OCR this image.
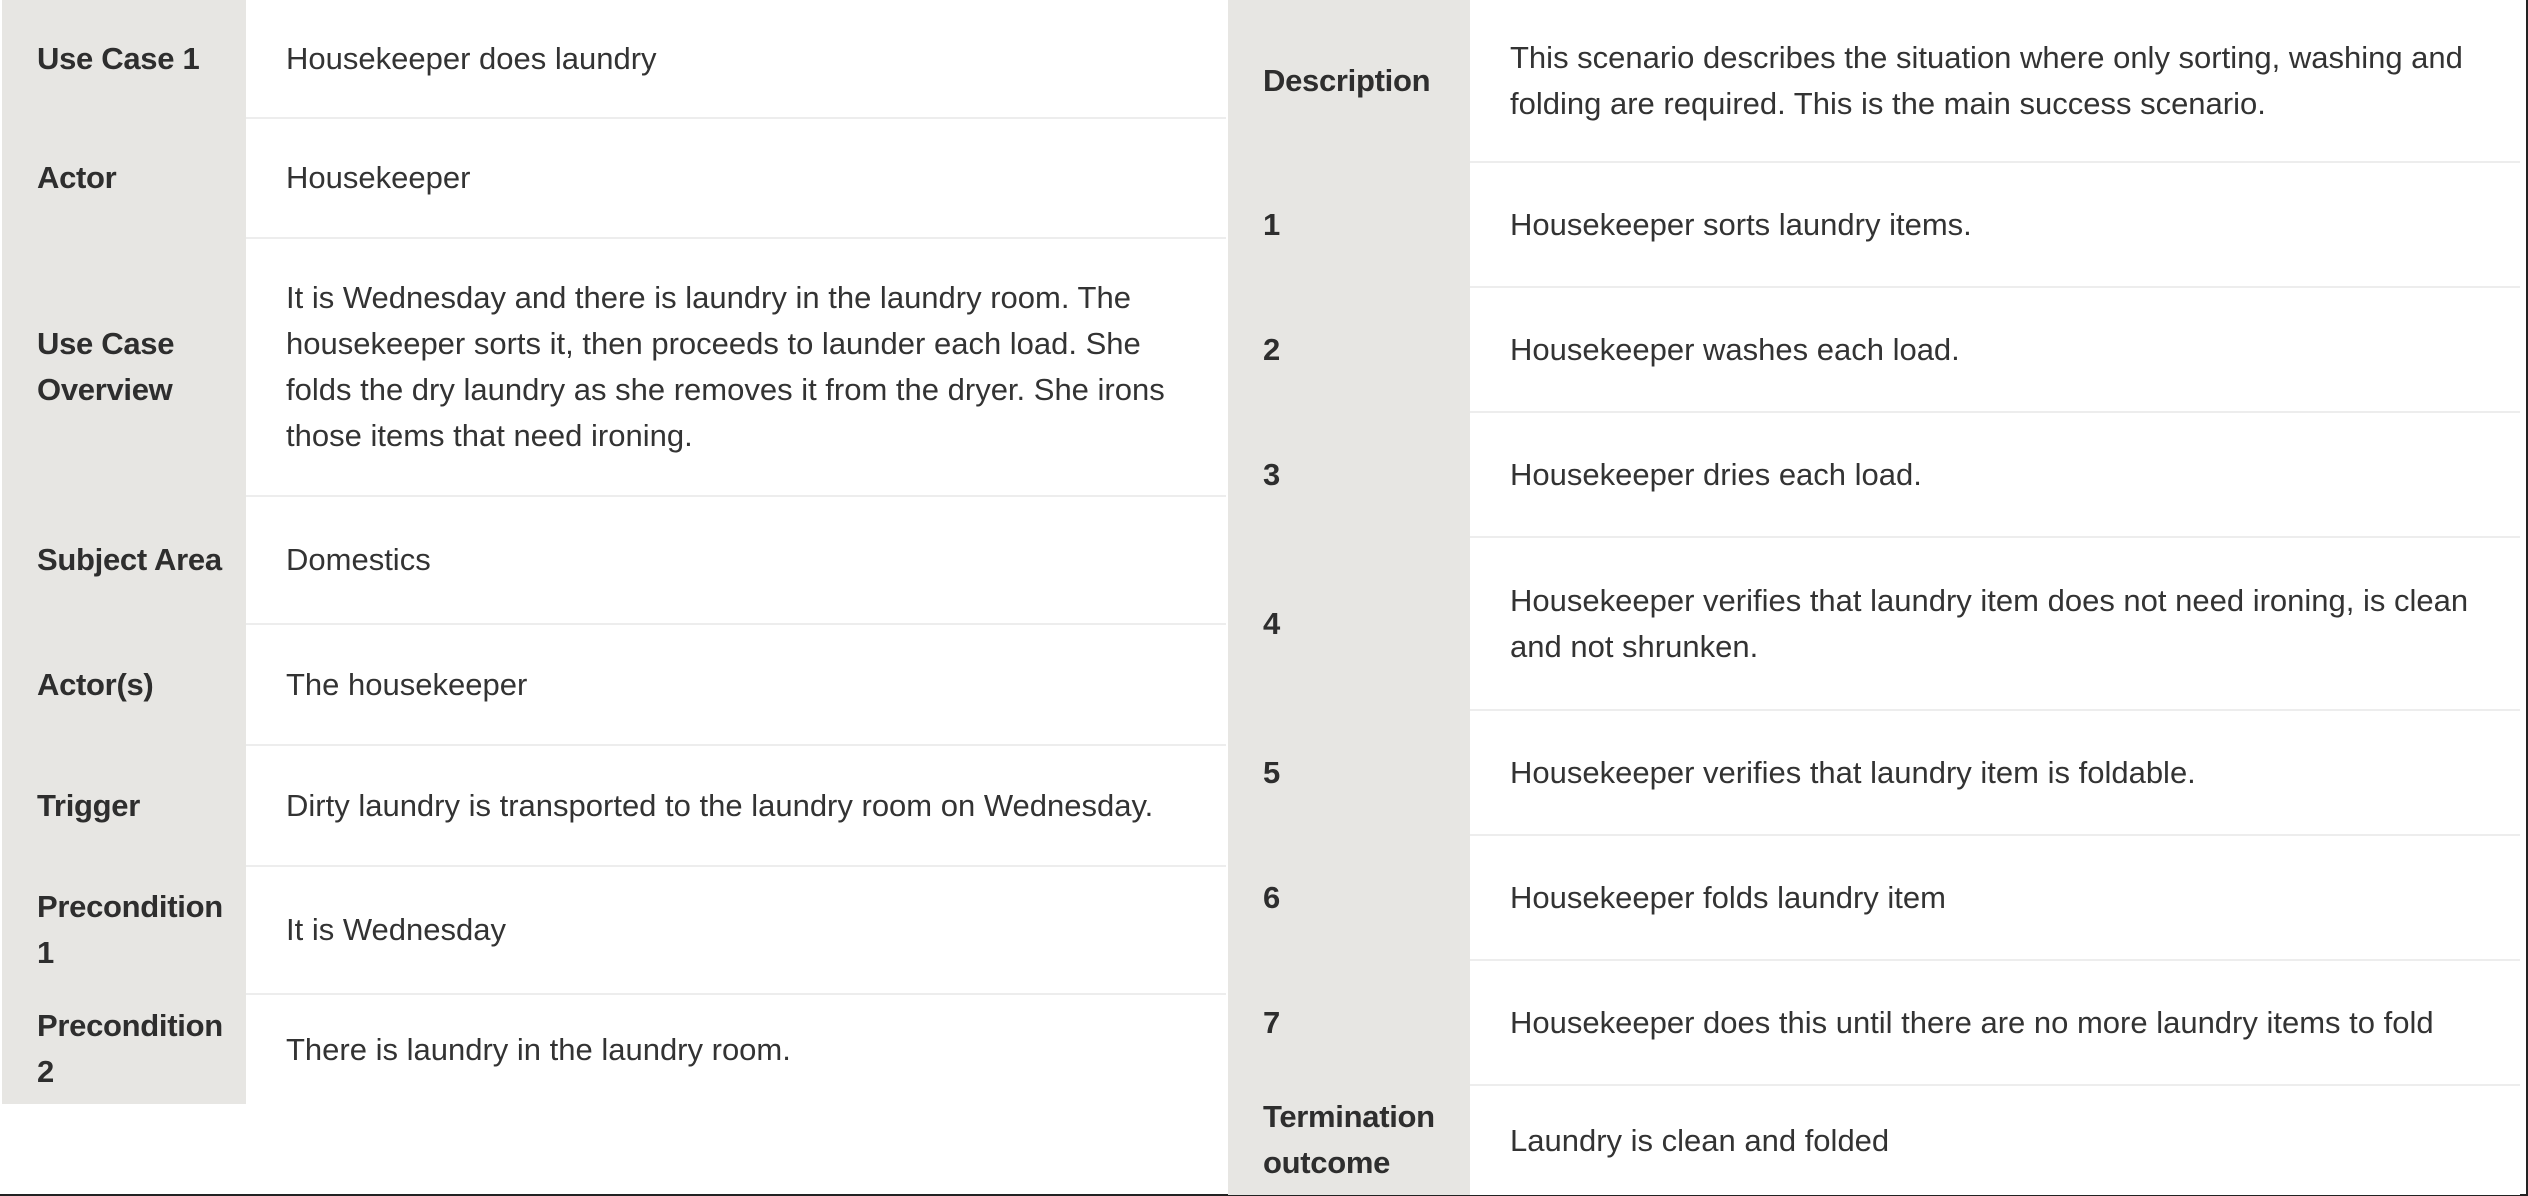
Use Case 1	Housekeeper does laundry
Actor	Housekeeper
Use Case Overview	It is Wednesday and there is laundry in the laundry room. The housekeeper sorts it, then proceeds to launder each load. She folds the dry laundry as she removes it from the dryer. She irons those items that need ironing.
Subject Area	Domestics
Actor(s)	The housekeeper
Trigger	Dirty laundry is transported to the laundry room on Wednesday.
Precondition 1	It is Wednesday
Precondition 2	There is laundry in the laundry room.
Description	This scenario describes the situation where only sorting, washing and folding are required. This is the main success scenario.
1	Housekeeper sorts laundry items.
2	Housekeeper washes each load.
3	Housekeeper dries each load.
4	Housekeeper verifies that laundry item does not need ironing, is clean and not shrunken.
5	Housekeeper verifies that laundry item is foldable.
6	Housekeeper folds laundry item
7	Housekeeper does this until there are no more laundry items to fold
Termination outcome	Laundry is clean and folded
